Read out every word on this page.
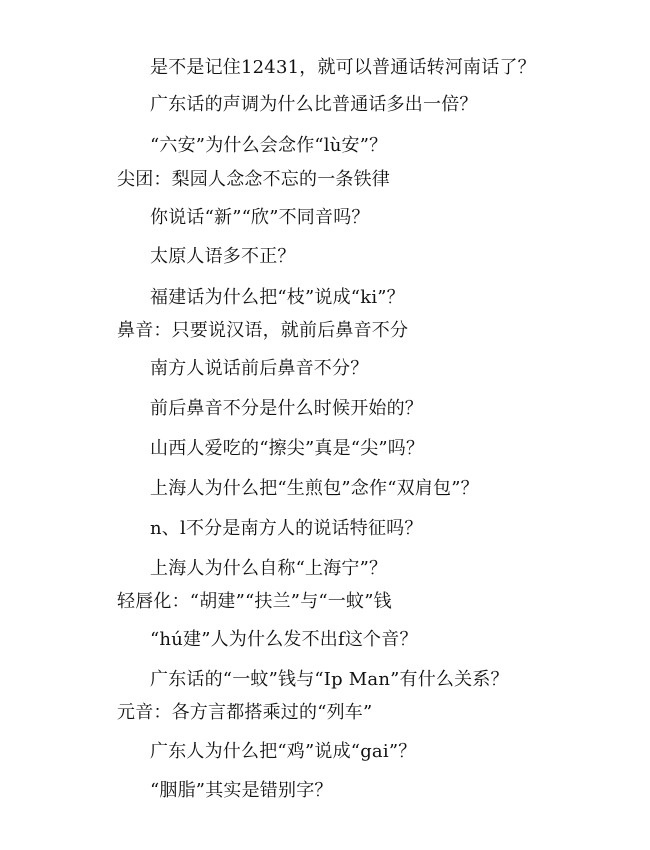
是不是记住12431，就可以普通话转河南话了？
广东话的声调为什么比普通话多出一倍？
“六安”为什么会念作“lù安”？
尖团：梨园人念念不忘的一条铁律
你说话“新”“欣”不同音吗？
太原人语多不正？
福建话为什么把“枝”说成“ki”？
鼻音：只要说汉语，就前后鼻音不分
南方人说话前后鼻音不分？
前后鼻音不分是什么时候开始的？
山西人爱吃的“擦尖”真是“尖”吗？
上海人为什么把“生煎包”念作“双肩包”？
n、l不分是南方人的说话特征吗？
上海人为什么自称“上海宁”？
轻唇化：“胡建”“扶兰”与“一蚊”钱
“hú建”人为什么发不出f这个音？
广东话的“一蚊”钱与“Ip Man”有什么关系？
元音：各方言都搭乘过的“列车”
广东人为什么把“鸡”说成“gai”？
“胭脂”其实是错别字？
